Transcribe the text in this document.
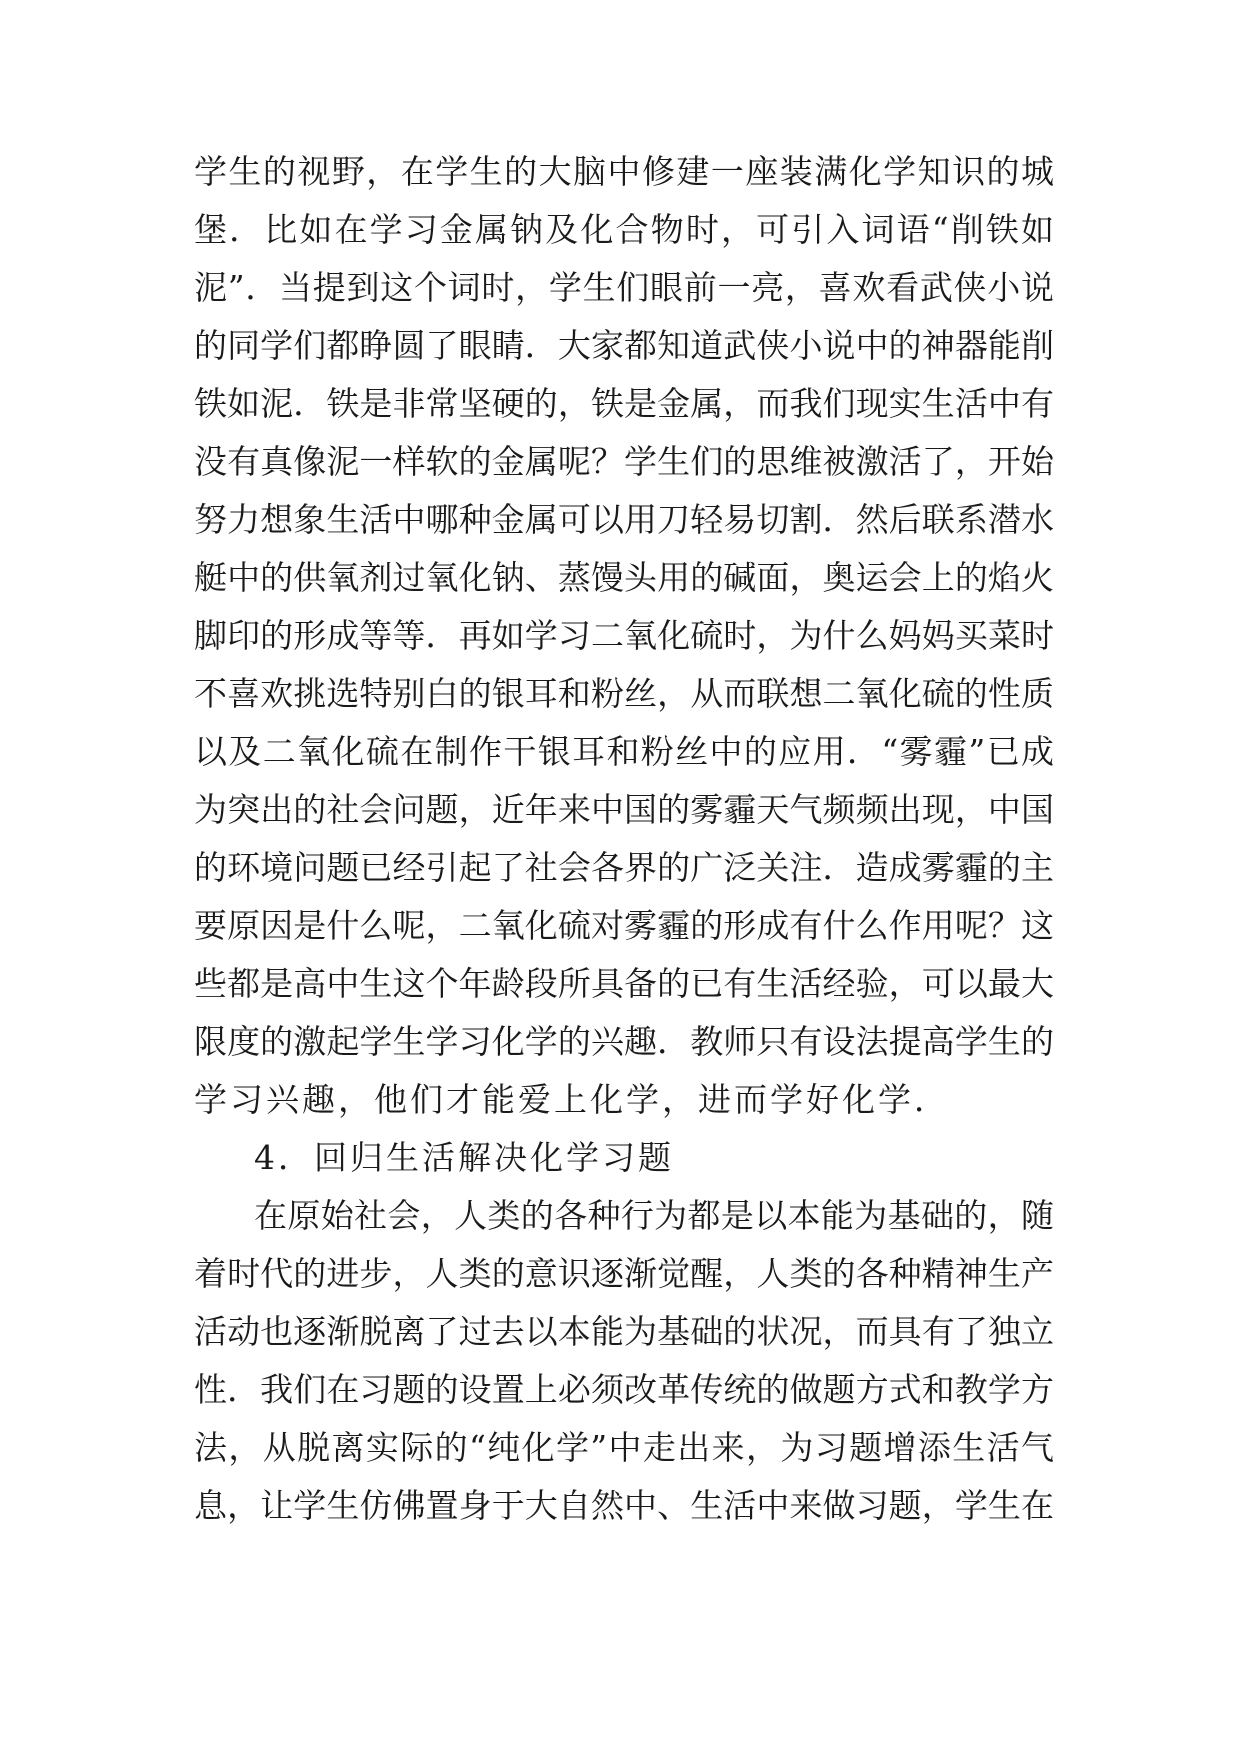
学生的视野，在学生的大脑中修建一座装满化学知识的城
堡．比如在学习金属钠及化合物时，可引入词语“削铁如
泥”．当提到这个词时，学生们眼前一亮，喜欢看武侠小说
的同学们都睁圆了眼睛．大家都知道武侠小说中的神器能削
铁如泥．铁是非常坚硬的，铁是金属，而我们现实生活中有
没有真像泥一样软的金属呢？学生们的思维被激活了，开始
努力想象生活中哪种金属可以用刀轻易切割．然后联系潜水
艇中的供氧剂过氧化钠、蒸馒头用的碱面，奥运会上的焰火
脚印的形成等等．再如学习二氧化硫时，为什么妈妈买菜时
不喜欢挑选特别白的银耳和粉丝，从而联想二氧化硫的性质
以及二氧化硫在制作干银耳和粉丝中的应用．“雾霾”已成
为突出的社会问题，近年来中国的雾霾天气频频出现，中国
的环境问题已经引起了社会各界的广泛关注．造成雾霾的主
要原因是什么呢，二氧化硫对雾霾的形成有什么作用呢？这
些都是高中生这个年龄段所具备的已有生活经验，可以最大
限度的激起学生学习化学的兴趣．教师只有设法提高学生的
学习兴趣，他们才能爱上化学，进而学好化学．
4．回归生活解决化学习题
在原始社会，人类的各种行为都是以本能为基础的，随
着时代的进步，人类的意识逐渐觉醒，人类的各种精神生产
活动也逐渐脱离了过去以本能为基础的状况，而具有了独立
性．我们在习题的设置上必须改革传统的做题方式和教学方
法，从脱离实际的“纯化学”中走出来，为习题增添生活气
息，让学生仿佛置身于大自然中、生活中来做习题，学生在
